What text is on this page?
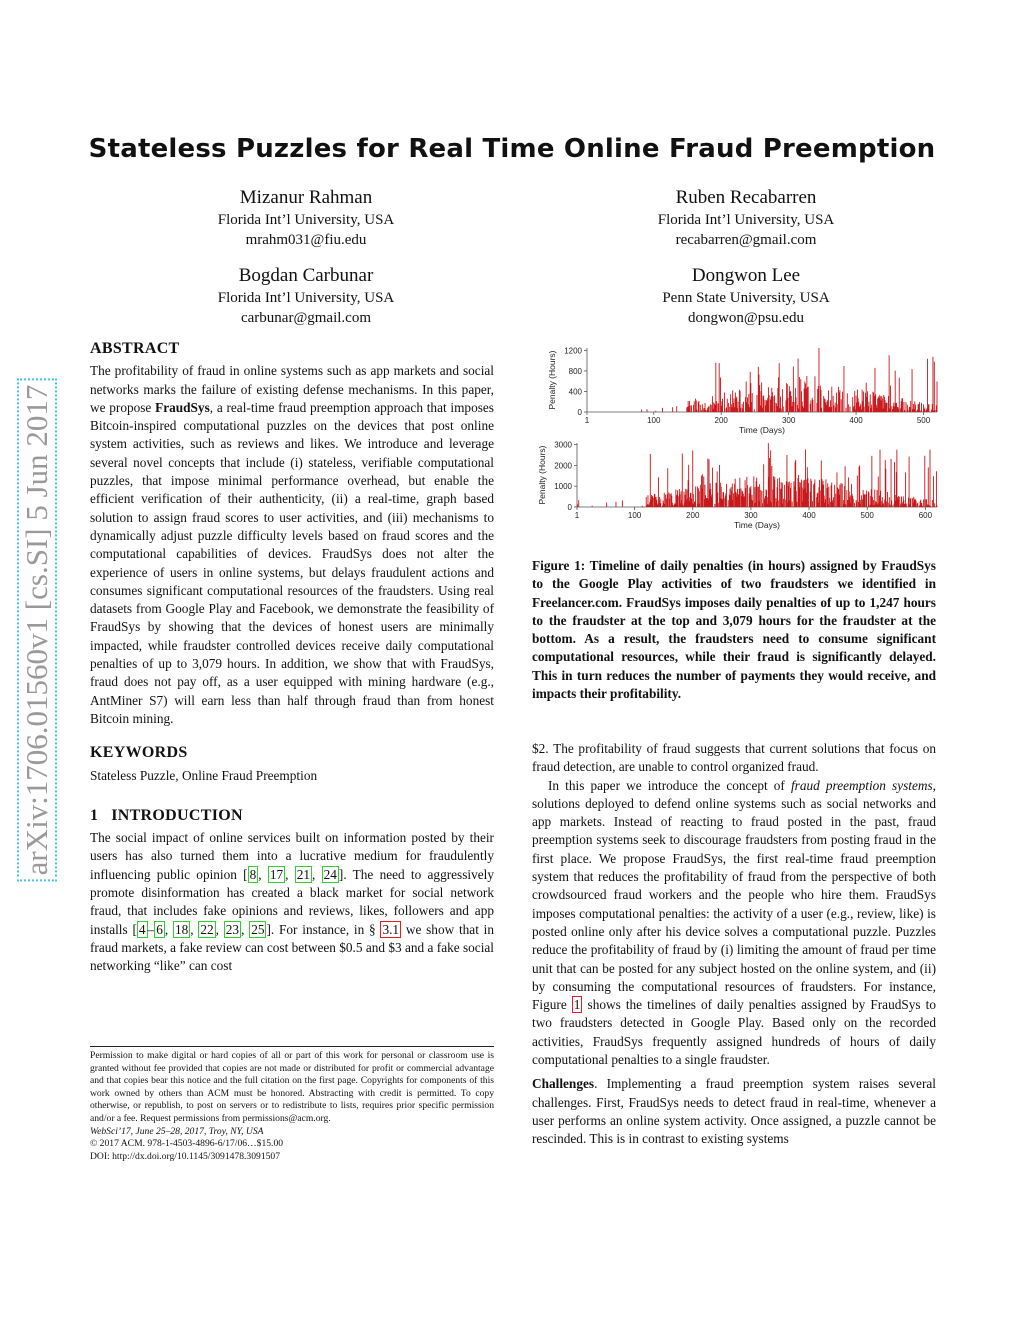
arXiv:1706.01560v1 [cs.SI] 5 Jun 2017
Stateless Puzzles for Real Time Online Fraud Preemption
Mizanur Rahman
Florida Int’l University, USA
mrahm031@fiu.edu
Ruben Recabarren
Florida Int’l University, USA
recabarren@gmail.com
Bogdan Carbunar
Florida Int’l University, USA
carbunar@gmail.com
Dongwon Lee
Penn State University, USA
dongwon@psu.edu
ABSTRACT

The profitability of fraud in online systems such as app markets and social networks marks the failure of existing defense mechanisms. In this paper, we propose FraudSys, a real-time fraud preemption approach that imposes Bitcoin-inspired computational puzzles on the devices that post online system activities, such as reviews and likes. We introduce and leverage several novel concepts that include (i) stateless, verifiable computational puzzles, that impose minimal performance overhead, but enable the efficient verification of their authenticity, (ii) a real-time, graph based solution to assign fraud scores to user activities, and (iii) mechanisms to dynamically adjust puzzle difficulty levels based on fraud scores and the computational capabilities of devices. FraudSys does not alter the experience of users in online systems, but delays fraudulent actions and consumes significant computational resources of the fraudsters. Using real datasets from Google Play and Facebook, we demonstrate the feasibility of FraudSys by showing that the devices of honest users are minimally impacted, while fraudster controlled devices receive daily computational penalties of up to 3,079 hours. In addition, we show that with FraudSys, fraud does not pay off, as a user equipped with mining hardware (e.g., AntMiner S7) will earn less than half through fraud than from honest Bitcoin mining.

KEYWORDS

Stateless Puzzle, Online Fraud Preemption

1   INTRODUCTION

The social impact of online services built on information posted by their users has also turned them into a lucrative medium for fraudulently influencing public opinion [ 8 , 17 , 21 , 24 ]. The need to aggressively promote disinformation has created a black market for social network fraud, that includes fake opinions and reviews, likes, followers and app installs [ 4 – 6 , 18 , 22 , 23 , 25 ]. For instance, in § 3.1 we show that in fraud markets, a fake review can cost between $0.5 and $3 and a fake social networking “like” can cost

Permission to make digital or hard copies of all or part of this work for personal or classroom use is granted without fee provided that copies are not made or distributed for profit or commercial advantage and that copies bear this notice and the full citation on the first page. Copyrights for components of this work owned by others than ACM must be honored. Abstracting with credit is permitted. To copy otherwise, or republish, to post on servers or to redistribute to lists, requires prior specific permission and/or a fee. Request permissions from permissions@acm.org.

WebSci’17, June 25–28, 2017, Troy, NY, USA

© 2017 ACM. 978-1-4503-4896-6/17/06…$15.00

DOI: http://dx.doi.org/10.1145/3091478.3091507

0
400
800
1200
1	100	200	300	400	500
Time (Days)
Penalty (Hours)
0
1000
2000
3000
1	100	200	300	400	500	600
Time (Days)
Penalty (Hours)
Figure 1: Timeline of daily penalties (in hours) assigned by FraudSys to the Google Play activities of two fraudsters we identified in Freelancer.com. FraudSys imposes daily penalties of up to 1,247 hours to the fraudster at the top and 3,079 hours for the fraudster at the bottom. As a result, the fraudsters need to consume significant computational resources, while their fraud is significantly delayed. This in turn reduces the number of payments they would receive, and impacts their profitability.

$2. The profitability of fraud suggests that current solutions that focus on fraud detection, are unable to control organized fraud.

In this paper we introduce the concept of fraud preemption systems, solutions deployed to defend online systems such as social networks and app markets. Instead of reacting to fraud posted in the past, fraud preemption systems seek to discourage fraudsters from posting fraud in the first place. We propose FraudSys, the first real-time fraud preemption system that reduces the profitability of fraud from the perspective of both crowdsourced fraud workers and the people who hire them. FraudSys imposes computational penalties: the activity of a user (e.g., review, like) is posted online only after his device solves a computational puzzle. Puzzles reduce the profitability of fraud by (i) limiting the amount of fraud per time unit that can be posted for any subject hosted on the online system, and (ii) by consuming the computational resources of fraudsters. For instance, Figure 1 shows the timelines of daily penalties assigned by FraudSys to two fraudsters detected in Google Play. Based only on the recorded activities, FraudSys frequently assigned hundreds of hours of daily computational penalties to a single fraudster.

Challenges. Implementing a fraud preemption system raises several challenges. First, FraudSys needs to detect fraud in real-time, whenever a user performs an online system activity. Once assigned, a puzzle cannot be rescinded. This is in contrast to existing systems
